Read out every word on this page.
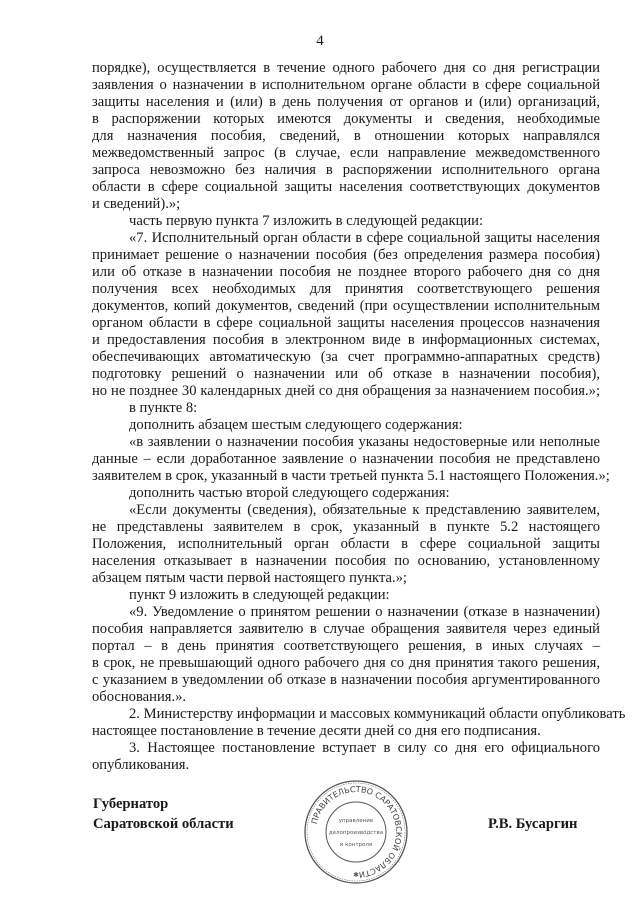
4
порядке), осуществляется в течение одного рабочего дня со дня регистрации
заявления о назначении в исполнительном органе области в сфере социальной
защиты населения и (или) в день получения от органов и (или) организаций,
в распоряжении которых имеются документы и сведения, необходимые
для назначения пособия, сведений, в отношении которых направлялся
межведомственный запрос (в случае, если направление межведомственного
запроса невозможно без наличия в распоряжении исполнительного органа
области в сфере социальной защиты населения соответствующих документов
и сведений).»;
часть первую пункта 7 изложить в следующей редакции:
«7. Исполнительный орган области в сфере социальной защиты населения
принимает решение о назначении пособия (без определения размера пособия)
или об отказе в назначении пособия не позднее второго рабочего дня со дня
получения всех необходимых для принятия соответствующего решения
документов, копий документов, сведений (при осуществлении исполнительным
органом области в сфере социальной защиты населения процессов назначения
и предоставления пособия в электронном виде в информационных системах,
обеспечивающих автоматическую (за счет программно-аппаратных средств)
подготовку решений о назначении или об отказе в назначении пособия),
но не позднее 30 календарных дней со дня обращения за назначением пособия.»;
в пункте 8:
дополнить абзацем шестым следующего содержания:
«в заявлении о назначении пособия указаны недостоверные или неполные
данные – если доработанное заявление о назначении пособия не представлено
заявителем в срок, указанный в части третьей пункта 5.1 настоящего Положения.»;
дополнить частью второй следующего содержания:
«Если документы (сведения), обязательные к представлению заявителем,
не представлены заявителем в срок, указанный в пункте 5.2 настоящего
Положения, исполнительный орган области в сфере социальной защиты
населения отказывает в назначении пособия по основанию, установленному
абзацем пятым части первой настоящего пункта.»;
пункт 9 изложить в следующей редакции:
«9. Уведомление о принятом решении о назначении (отказе в назначении)
пособия направляется заявителю в случае обращения заявителя через единый
портал – в день принятия соответствующего решения, в иных случаях –
в срок, не превышающий одного рабочего дня со дня принятия такого решения,
с указанием в уведомлении об отказе в назначении пособия аргументированного
обоснования.».
2. Министерству информации и массовых коммуникаций области опубликовать
настоящее постановление в течение десяти дней со дня его подписания.
3. Настоящее постановление вступает в силу со дня его официального
опубликования.
Губернатор
Саратовской области	ПРАВИТЕЛЬСТВО САРАТОВСКОЙ ОБЛАСТИ
управление
делопроизводства
и контроля
✱
Р.В. Бусаргин
